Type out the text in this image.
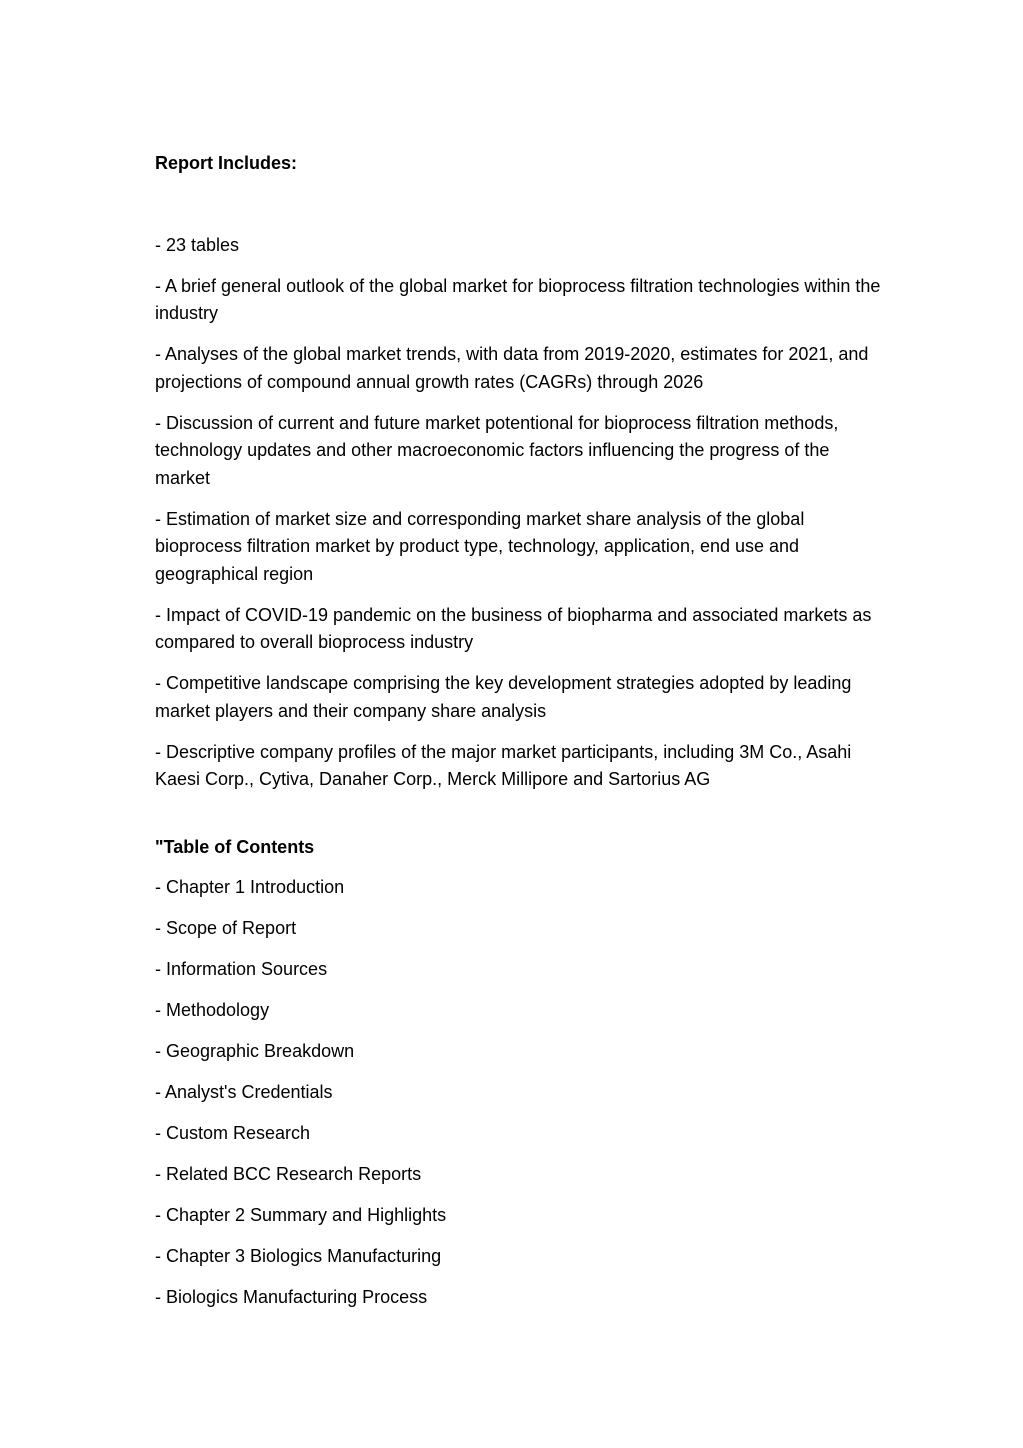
Report Includes:

- 23 tables

- A brief general outlook of the global market for bioprocess filtration technologies within the industry

- Analyses of the global market trends, with data from 2019-2020, estimates for 2021, and projections of compound annual growth rates (CAGRs) through 2026

- Discussion of current and future market potentional for bioprocess filtration methods, technology updates and other macroeconomic factors influencing the progress of the market

- Estimation of market size and corresponding market share analysis of the global bioprocess filtration market by product type, technology, application, end use and geographical region

- Impact of COVID-19 pandemic on the business of biopharma and associated markets as compared to overall bioprocess industry

- Competitive landscape comprising the key development strategies adopted by leading market players and their company share analysis

- Descriptive company profiles of the major market participants, including 3M Co., Asahi Kaesi Corp., Cytiva, Danaher Corp., Merck Millipore and Sartorius AG

"Table of Contents

- Chapter 1 Introduction

- Scope of Report

- Information Sources

- Methodology

- Geographic Breakdown

- Analyst's Credentials

- Custom Research

- Related BCC Research Reports

- Chapter 2 Summary and Highlights

- Chapter 3 Biologics Manufacturing

- Biologics Manufacturing Process
